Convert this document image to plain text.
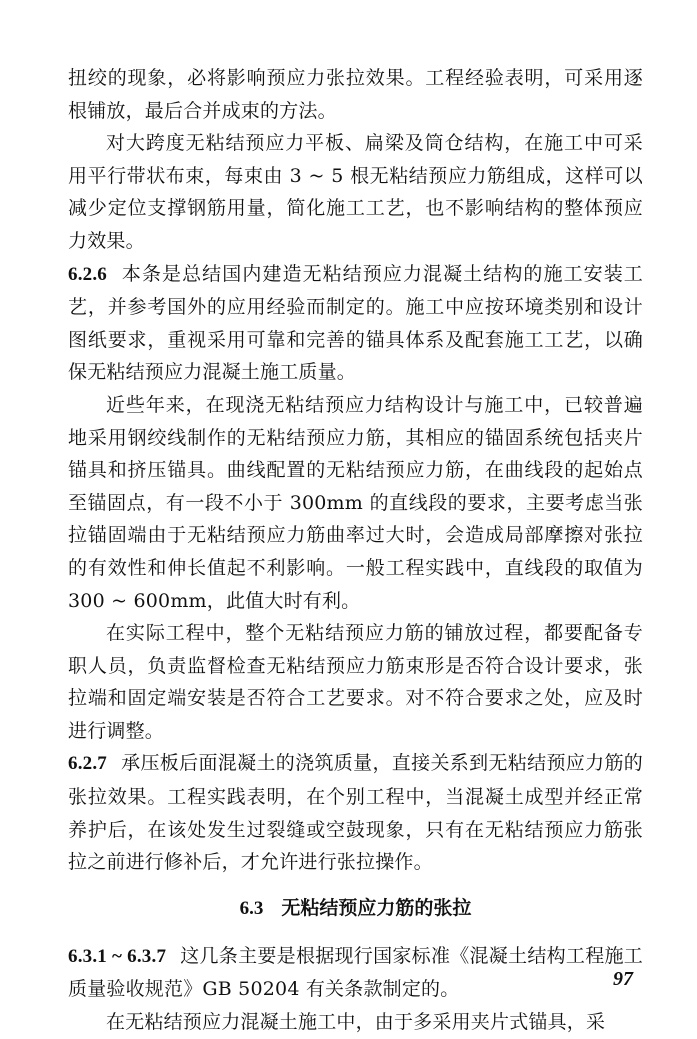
扭绞的现象，必将影响预应力张拉效果。工程经验表明，可采用逐根铺放，最后合并成束的方法。

对大跨度无粘结预应力平板、扁梁及筒仓结构，在施工中可采用平行带状布束，每束由 3 ~ 5 根无粘结预应力筋组成，这样可以减少定位支撑钢筋用量，简化施工工艺，也不影响结构的整体预应力效果。

6.2.6 本条是总结国内建造无粘结预应力混凝土结构的施工安装工艺，并参考国外的应用经验而制定的。施工中应按环境类别和设计图纸要求，重视采用可靠和完善的锚具体系及配套施工工艺，以确保无粘结预应力混凝土施工质量。

近些年来，在现浇无粘结预应力结构设计与施工中，已较普遍地采用钢绞线制作的无粘结预应力筋，其相应的锚固系统包括夹片锚具和挤压锚具。曲线配置的无粘结预应力筋，在曲线段的起始点至锚固点，有一段不小于 300mm 的直线段的要求，主要考虑当张拉锚固端由于无粘结预应力筋曲率过大时，会造成局部摩擦对张拉的有效性和伸长值起不利影响。一般工程实践中，直线段的取值为 300 ~ 600mm，此值大时有利。

在实际工程中，整个无粘结预应力筋的铺放过程，都要配备专职人员，负责监督检查无粘结预应力筋束形是否符合设计要求，张拉端和固定端安装是否符合工艺要求。对不符合要求之处，应及时进行调整。

6.2.7 承压板后面混凝土的浇筑质量，直接关系到无粘结预应力筋的张拉效果。工程实践表明，在个别工程中，当混凝土成型并经正常养护后，在该处发生过裂缝或空鼓现象，只有在无粘结预应力筋张拉之前进行修补后，才允许进行张拉操作。

6.3 无粘结预应力筋的张拉

6.3.1 ~ 6.3.7 这几条主要是根据现行国家标准《混凝土结构工程施工质量验收规范》GB 50204 有关条款制定的。

在无粘结预应力混凝土施工中，由于多采用夹片式锚具，采

97
